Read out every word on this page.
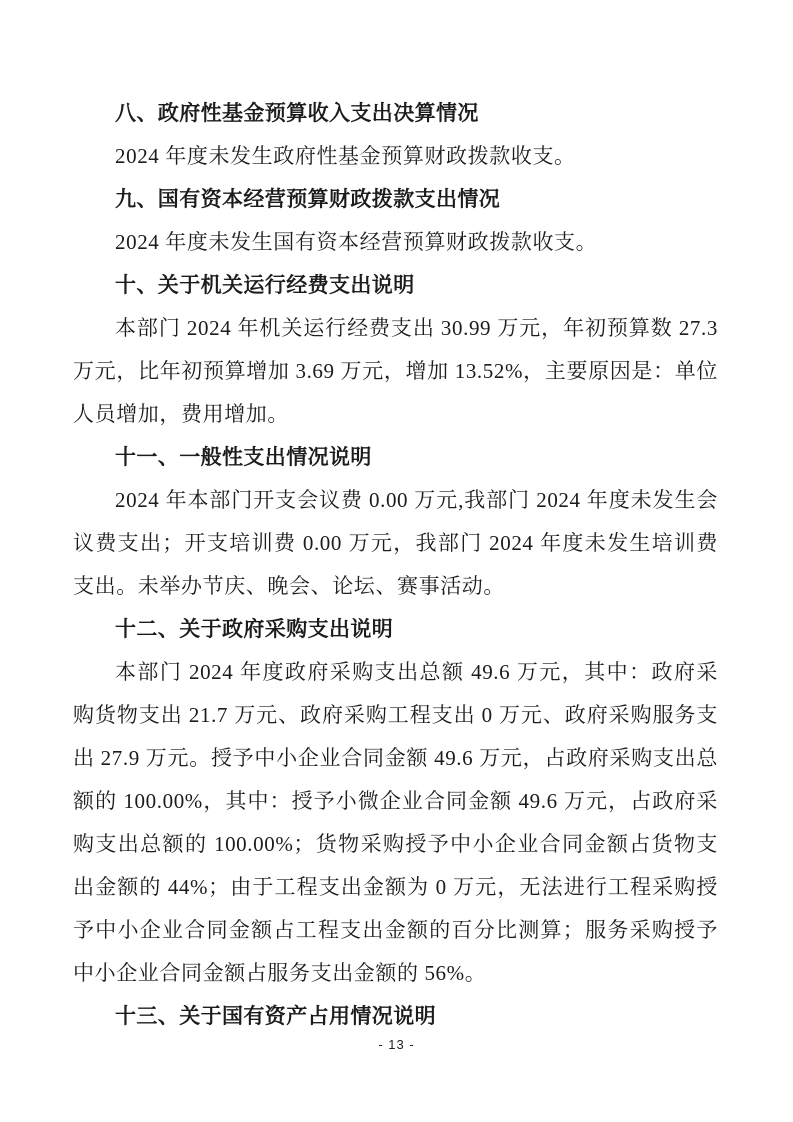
八、政府性基金预算收入支出决算情况

2024 年度未发生政府性基金预算财政拨款收支。

九、国有资本经营预算财政拨款支出情况

2024 年度未发生国有资本经营预算财政拨款收支。

十、关于机关运行经费支出说明

本部门 2024 年机关运行经费支出 30.99 万元，年初预算数 27.3 万元，比年初预算增加 3.69 万元，增加 13.52%，主要原因是：单位人员增加，费用增加。

十一、一般性支出情况说明

2024 年本部门开支会议费 0.00 万元,我部门 2024 年度未发生会议费支出；开支培训费 0.00 万元，我部门 2024 年度未发生培训费支出。未举办节庆、晚会、论坛、赛事活动。

十二、关于政府采购支出说明

本部门 2024 年度政府采购支出总额 49.6 万元，其中：政府采购货物支出 21.7 万元、政府采购工程支出 0 万元、政府采购服务支出 27.9 万元。授予中小企业合同金额 49.6 万元，占政府采购支出总额的 100.00%，其中：授予小微企业合同金额 49.6 万元，占政府采购支出总额的 100.00%；货物采购授予中小企业合同金额占货物支出金额的 44%；由于工程支出金额为 0 万元，无法进行工程采购授予中小企业合同金额占工程支出金额的百分比测算；服务采购授予中小企业合同金额占服务支出金额的 56%。

十三、关于国有资产占用情况说明

- 13 -
